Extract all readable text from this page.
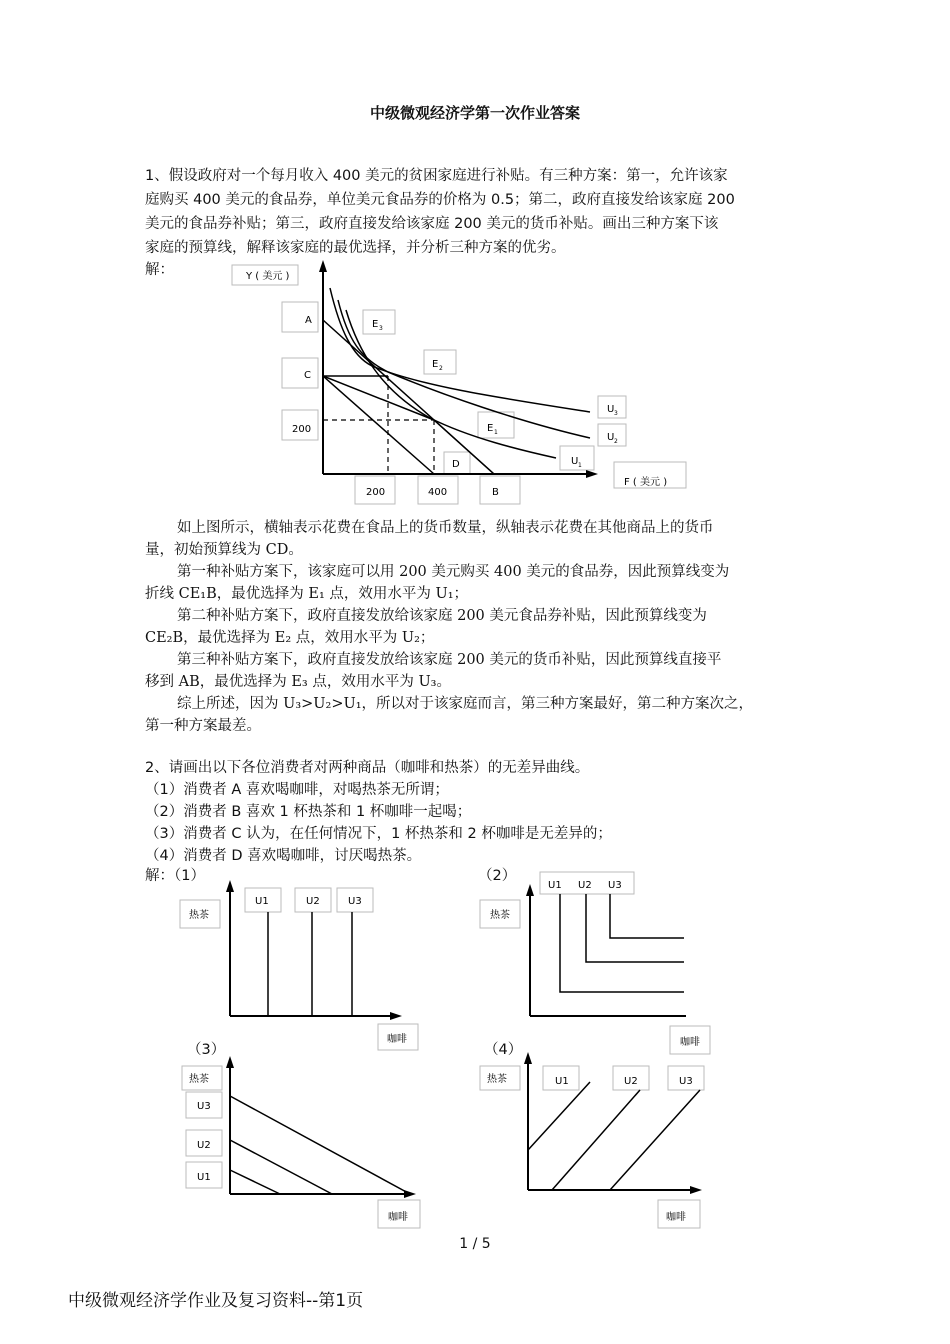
中级微观经济学第一次作业答案
1、假设政府对一个每月收入 400 美元的贫困家庭进行补贴。有三种方案：第一，允许该家
庭购买 400 美元的食品券，单位美元食品券的价格为 0.5；第二，政府直接发给该家庭 200
美元的食品券补贴；第三，政府直接发给该家庭 200 美元的货币补贴。画出三种方案下该
家庭的预算线，解释该家庭的最优选择，并分析三种方案的优劣。
解：	Y ( 美元 )
A
C
200
E 3
E 2
E 1
U 3
U 2
U 1
D
F ( 美元 )
200	400	B
如上图所示，横轴表示花费在食品上的货币数量，纵轴表示花费在其他商品上的货币
量，初始预算线为 CD。
第一种补贴方案下，该家庭可以用 200 美元购买 400 美元的食品券，因此预算线变为
折线 CE₁B，最优选择为 E₁ 点，效用水平为 U₁；
第二种补贴方案下，政府直接发放给该家庭 200 美元食品券补贴，因此预算线变为
CE₂B，最优选择为 E₂ 点，效用水平为 U₂；
第三种补贴方案下，政府直接发放给该家庭 200 美元的货币补贴，因此预算线直接平
移到 AB，最优选择为 E₃ 点，效用水平为 U₃。
综上所述，因为 U₃>U₂>U₁，所以对于该家庭而言，第三种方案最好，第二种方案次之，
第一种方案最差。
2、请画出以下各位消费者对两种商品（咖啡和热茶）的无差异曲线。
（1）消费者 A 喜欢喝咖啡，对喝热茶无所谓；
（2）消费者 B 喜欢 1 杯热茶和 1 杯咖啡一起喝；
（3）消费者 C 认为，在任何情况下，1 杯热茶和 2 杯咖啡是无差异的；
（4）消费者 D 喜欢喝咖啡，讨厌喝热茶。
解：（1）	（2）
（3）	（4）
热茶
U1	U2	U3
咖啡
热茶
U1 U2 U3
咖啡
热茶
U3
U2
U1
咖啡
热茶	U1	U2	U3
咖啡
1 / 5
中级微观经济学作业及复习资料--第1页
